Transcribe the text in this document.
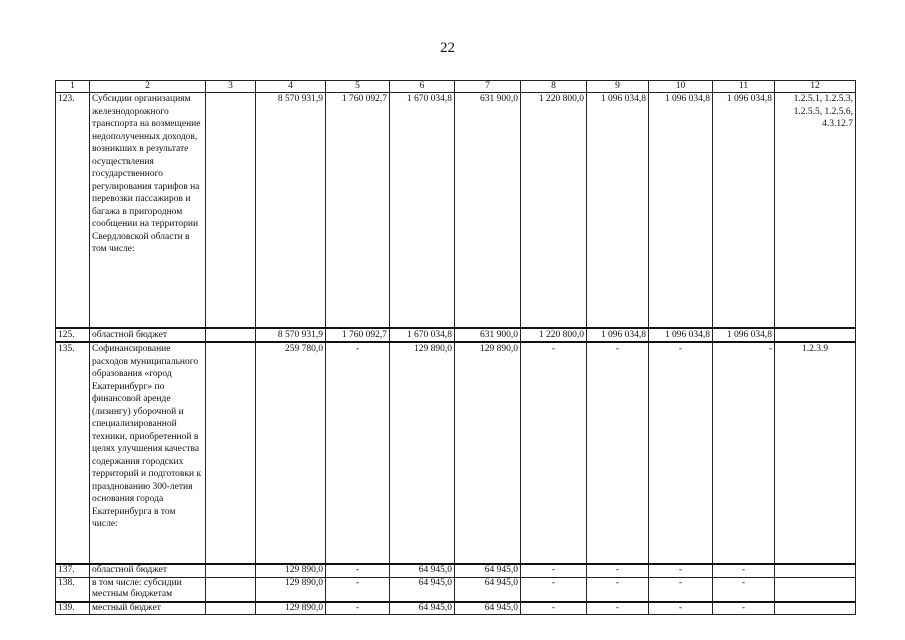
22
1	2	3	4	5	6	7	8	9	10	11	12
123.	Субсидии организациям железнодорожного транспорта на возмещение недополученных доходов, возникших в результате осуществления государственного регулирования тарифов на перевозки пассажиров и багажа в пригородном сообщении на территории Свердловской области в том числе:		8 570 931,9	1 760 092,7	1 670 034,8	631 900,0	1 220 800,0	1 096 034,8	1 096 034,8	1 096 034,8	1.2.5.1, 1.2.5.3, 1.2.5.5, 1.2.5.6, 4.3.12.7
125.	областной бюджет		8 570 931,9	1 760 092,7	1 670 034,8	631 900,0	1 220 800,0	1 096 034,8	1 096 034,8	1 096 034,8	
135.	Софинансирование расходов муниципального образования «город Екатеринбург» по финансовой аренде (лизингу) уборочной и специализированной техники, приобретенной в целях улучшения качества содержания городских территорий и подготовки к празднованию 300-летия основания города Екатеринбурга в том числе:		259 780,0	-	129 890,0	129 890,0	-	-	-	-	1.2.3.9
137.	областной бюджет		129 890,0	-	64 945,0	64 945,0	-	-	-	-	
138.	в том числе: субсидии местным бюджетам		129 890,0	-	64 945,0	64 945,0	-	-	-	-	
139.	местный бюджет		129 890,0	-	64 945,0	64 945,0	-	-	-	-	
